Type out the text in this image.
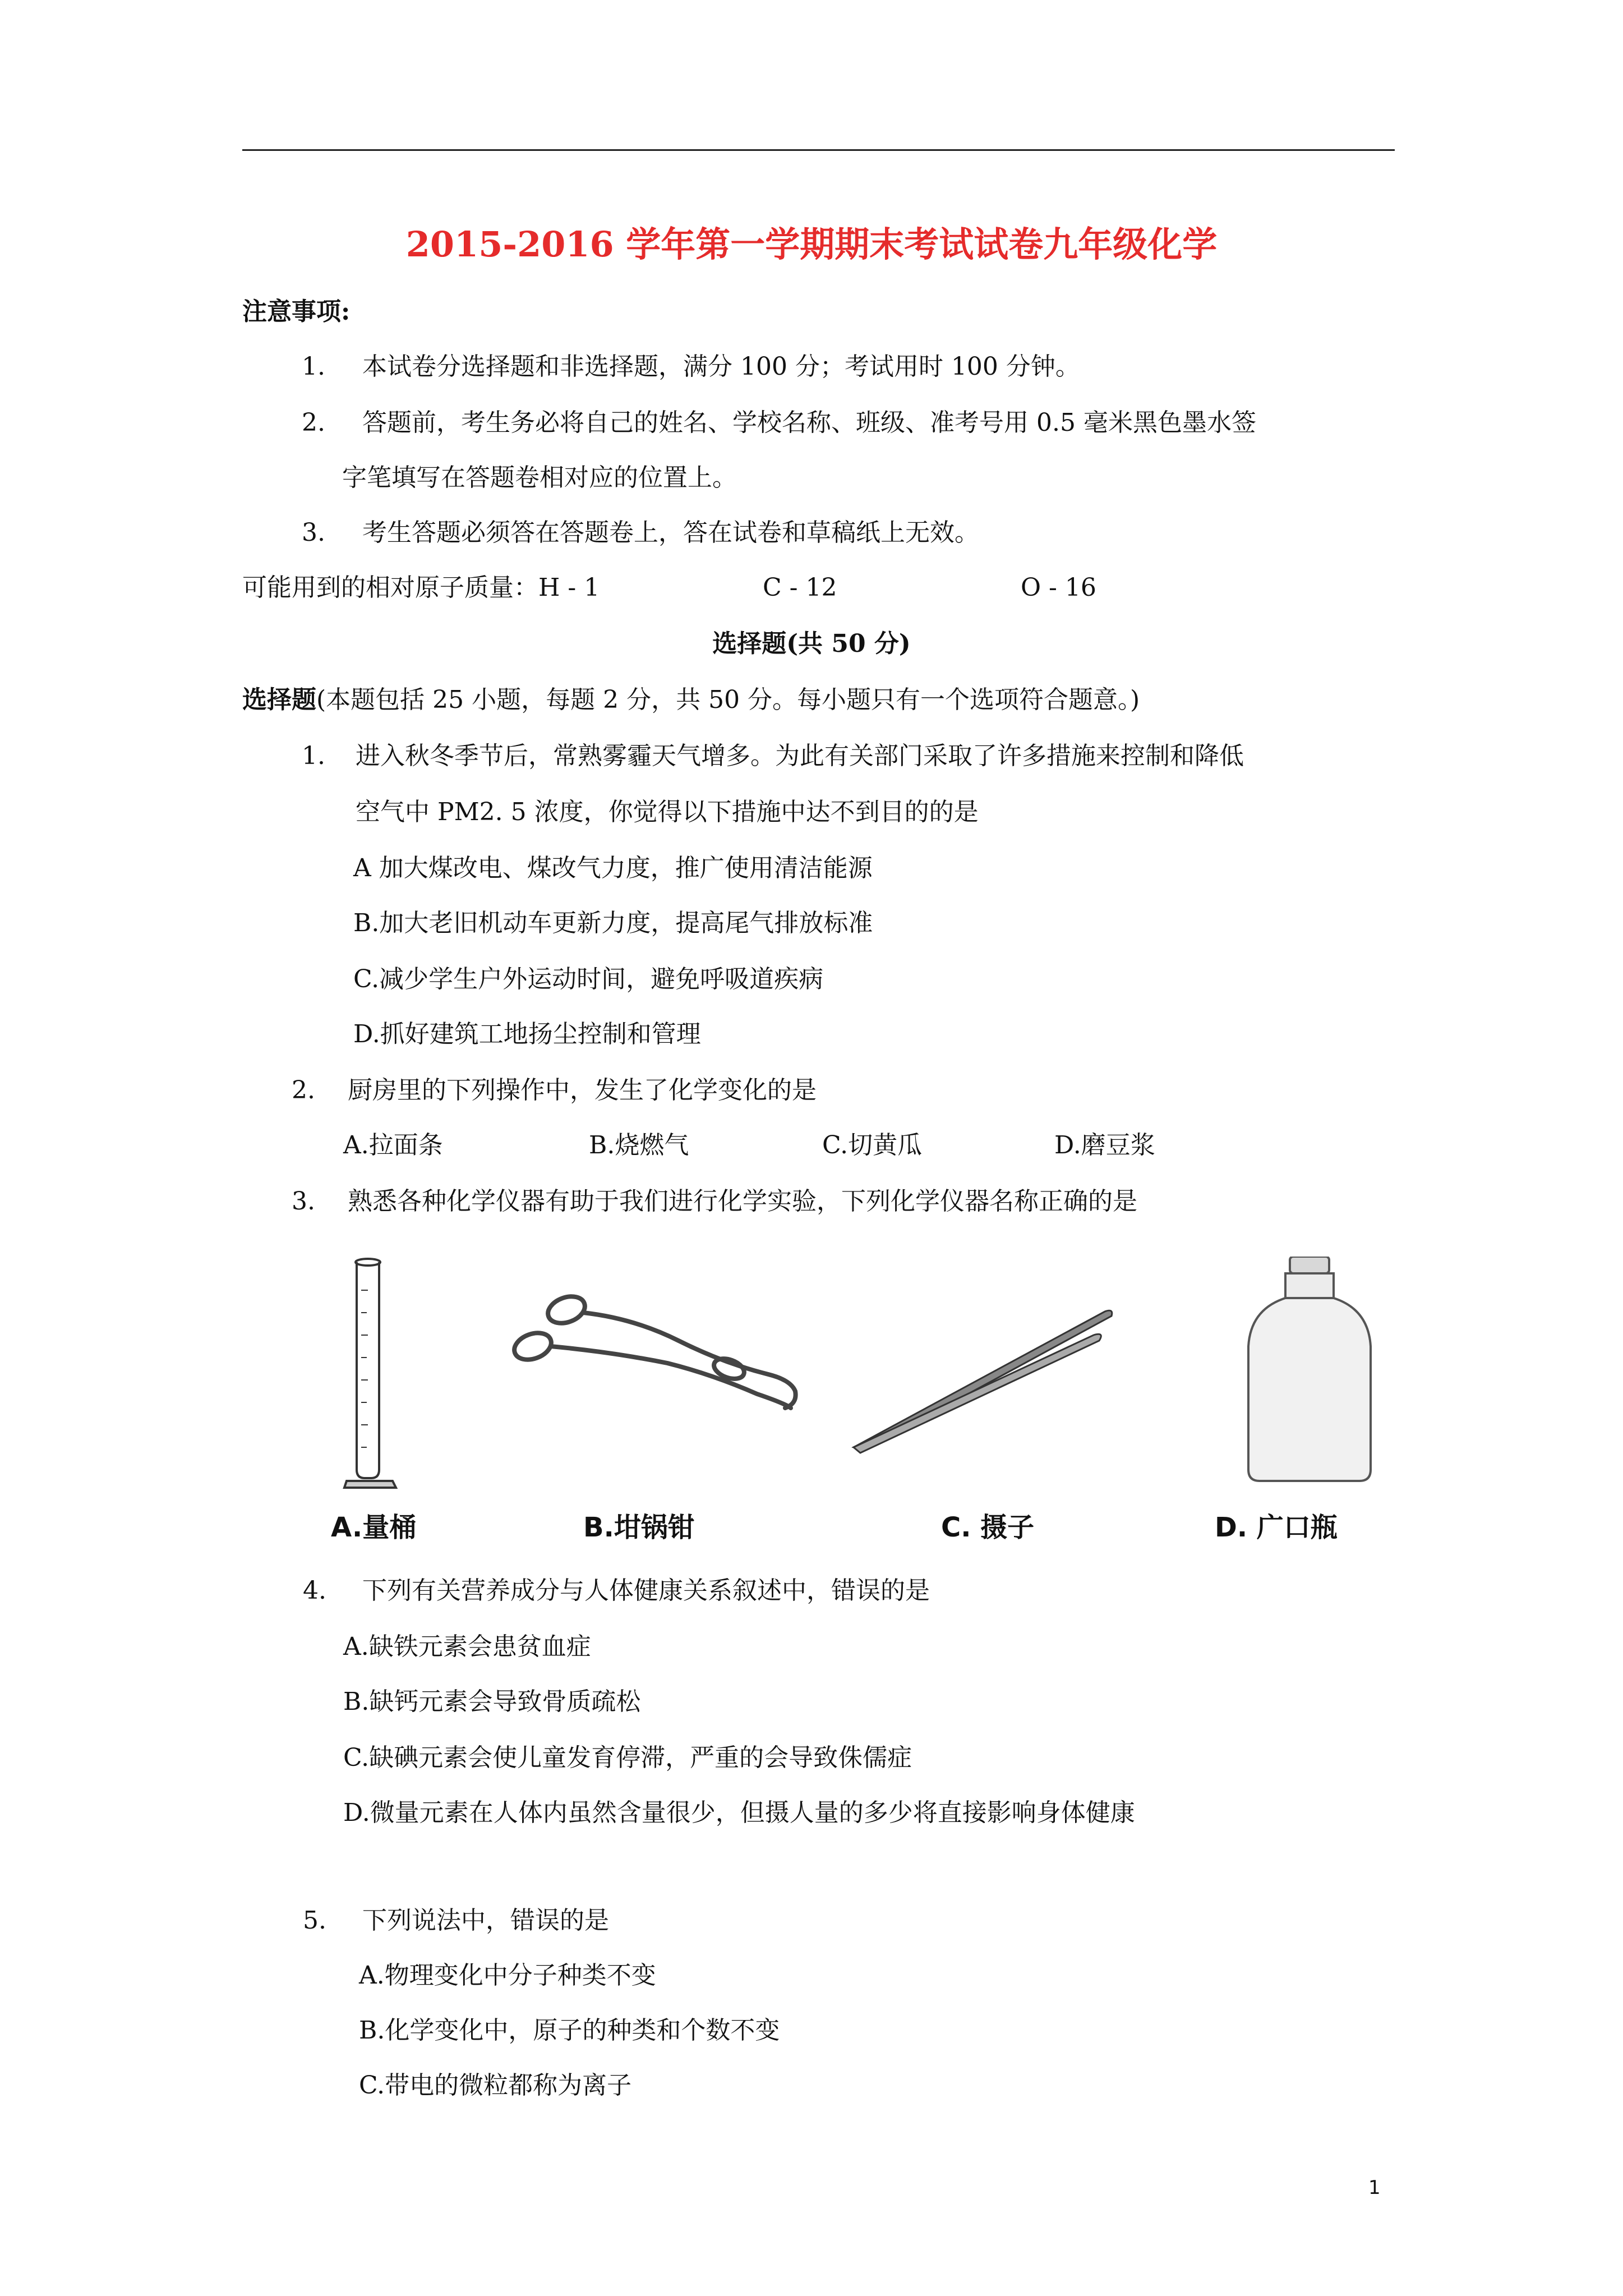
2015-2016 学年第一学期期末考试试卷九年级化学
注意事项:
1. 本试卷分选择题和非选择题，满分 100 分；考试用时 100 分钟。
2. 答题前，考生务必将自己的姓名、学校名称、班级、准考号用 0.5 毫米黑色墨水签
字笔填写在答题卷相对应的位置上。
3. 考生答题必须答在答题卷上，答在试卷和草稿纸上无效。
可能用到的相对原子质量：H - 1	C - 12	O - 16
选择题(共 50 分)
选择题(本题包括 25 小题，每题 2 分，共 50 分。每小题只有一个选项符合题意。)
1. 进入秋冬季节后，常熟雾霾天气增多。为此有关部门采取了许多措施来控制和降低
空气中 PM2. 5 浓度，你觉得以下措施中达不到目的的是
A 加大煤改电、煤改气力度，推广使用清洁能源
B.加大老旧机动车更新力度，提高尾气排放标准
C.减少学生户外运动时间，避免呼吸道疾病
D.抓好建筑工地扬尘控制和管理
2. 厨房里的下列操作中，发生了化学变化的是
A.拉面条	B.烧燃气	C.切黄瓜	D.磨豆浆
3. 熟悉各种化学仪器有助于我们进行化学实验，下列化学仪器名称正确的是
A.量桶	B.坩锅钳	C. 摄子	D. 广口瓶
4. 下列有关营养成分与人体健康关系叙述中，错误的是
A.缺铁元素会患贫血症
B.缺钙元素会导致骨质疏松
C.缺碘元素会使儿童发育停滞，严重的会导致侏儒症
D.微量元素在人体内虽然含量很少，但摄人量的多少将直接影响身体健康
5. 下列说法中，错误的是
A.物理变化中分子种类不变
B.化学变化中，原子的种类和个数不变
C.带电的微粒都称为离子
1
